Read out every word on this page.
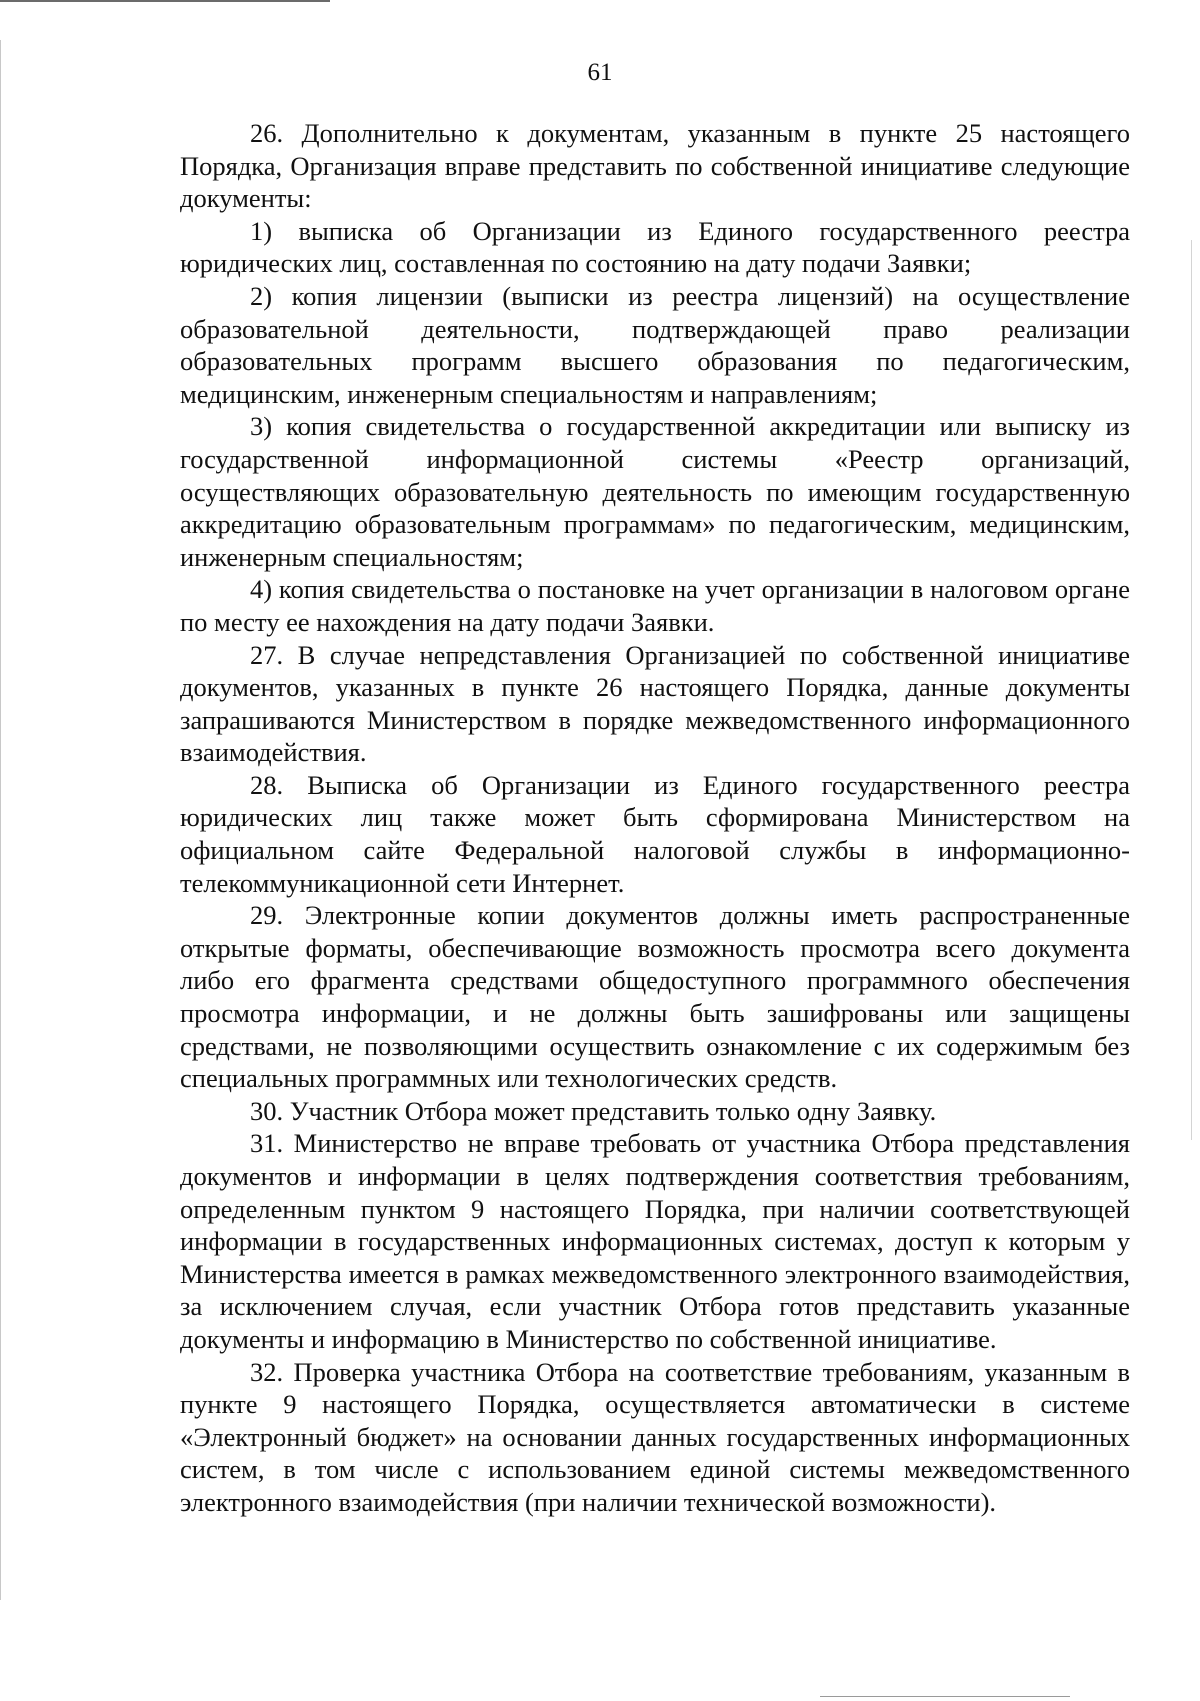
61

26. Дополнительно к документам, указанным в пункте 25 настоящего Порядка, Организация вправе представить по собственной инициативе следующие документы:

1) выписка об Организации из Единого государственного реестра юридических лиц, составленная по состоянию на дату подачи Заявки;

2) копия лицензии (выписки из реестра лицензий) на осуществление образовательной деятельности, подтверждающей право реализации образовательных программ высшего образования по педагогическим, медицинским, инженерным специальностям и направлениям;

3) копия свидетельства о государственной аккредитации или выписку из государственной информационной системы «Реестр организаций, осуществляющих образовательную деятельность по имеющим государственную аккредитацию образовательным программам» по педагогическим, медицинским, инженерным специальностям;

4) копия свидетельства о постановке на учет организации в налоговом органе по месту ее нахождения на дату подачи Заявки.

27. В случае непредставления Организацией по собственной инициативе документов, указанных в пункте 26 настоящего Порядка, данные документы запрашиваются Министерством в порядке межведомственного информационного взаимодействия.

28. Выписка об Организации из Единого государственного реестра юридических лиц также может быть сформирована Министерством на официальном сайте Федеральной налоговой службы в информационно-телекоммуникационной сети Интернет.

29. Электронные копии документов должны иметь распространенные открытые форматы, обеспечивающие возможность просмотра всего документа либо его фрагмента средствами общедоступного программного обеспечения просмотра информации, и не должны быть зашифрованы или защищены средствами, не позволяющими осуществить ознакомление с их содержимым без специальных программных или технологических средств.

30. Участник Отбора может представить только одну Заявку.

31. Министерство не вправе требовать от участника Отбора представления документов и информации в целях подтверждения соответствия требованиям, определенным пунктом 9 настоящего Порядка, при наличии соответствующей информации в государственных информационных системах, доступ к которым у Министерства имеется в рамках межведомственного электронного взаимодействия, за исключением случая, если участник Отбора готов представить указанные документы и информацию в Министерство по собственной инициативе.

32. Проверка участника Отбора на соответствие требованиям, указанным в пункте 9 настоящего Порядка, осуществляется автоматически в системе «Электронный бюджет» на основании данных государственных информационных систем, в том числе с использованием единой системы межведомственного электронного взаимодействия (при наличии технической возможности).
